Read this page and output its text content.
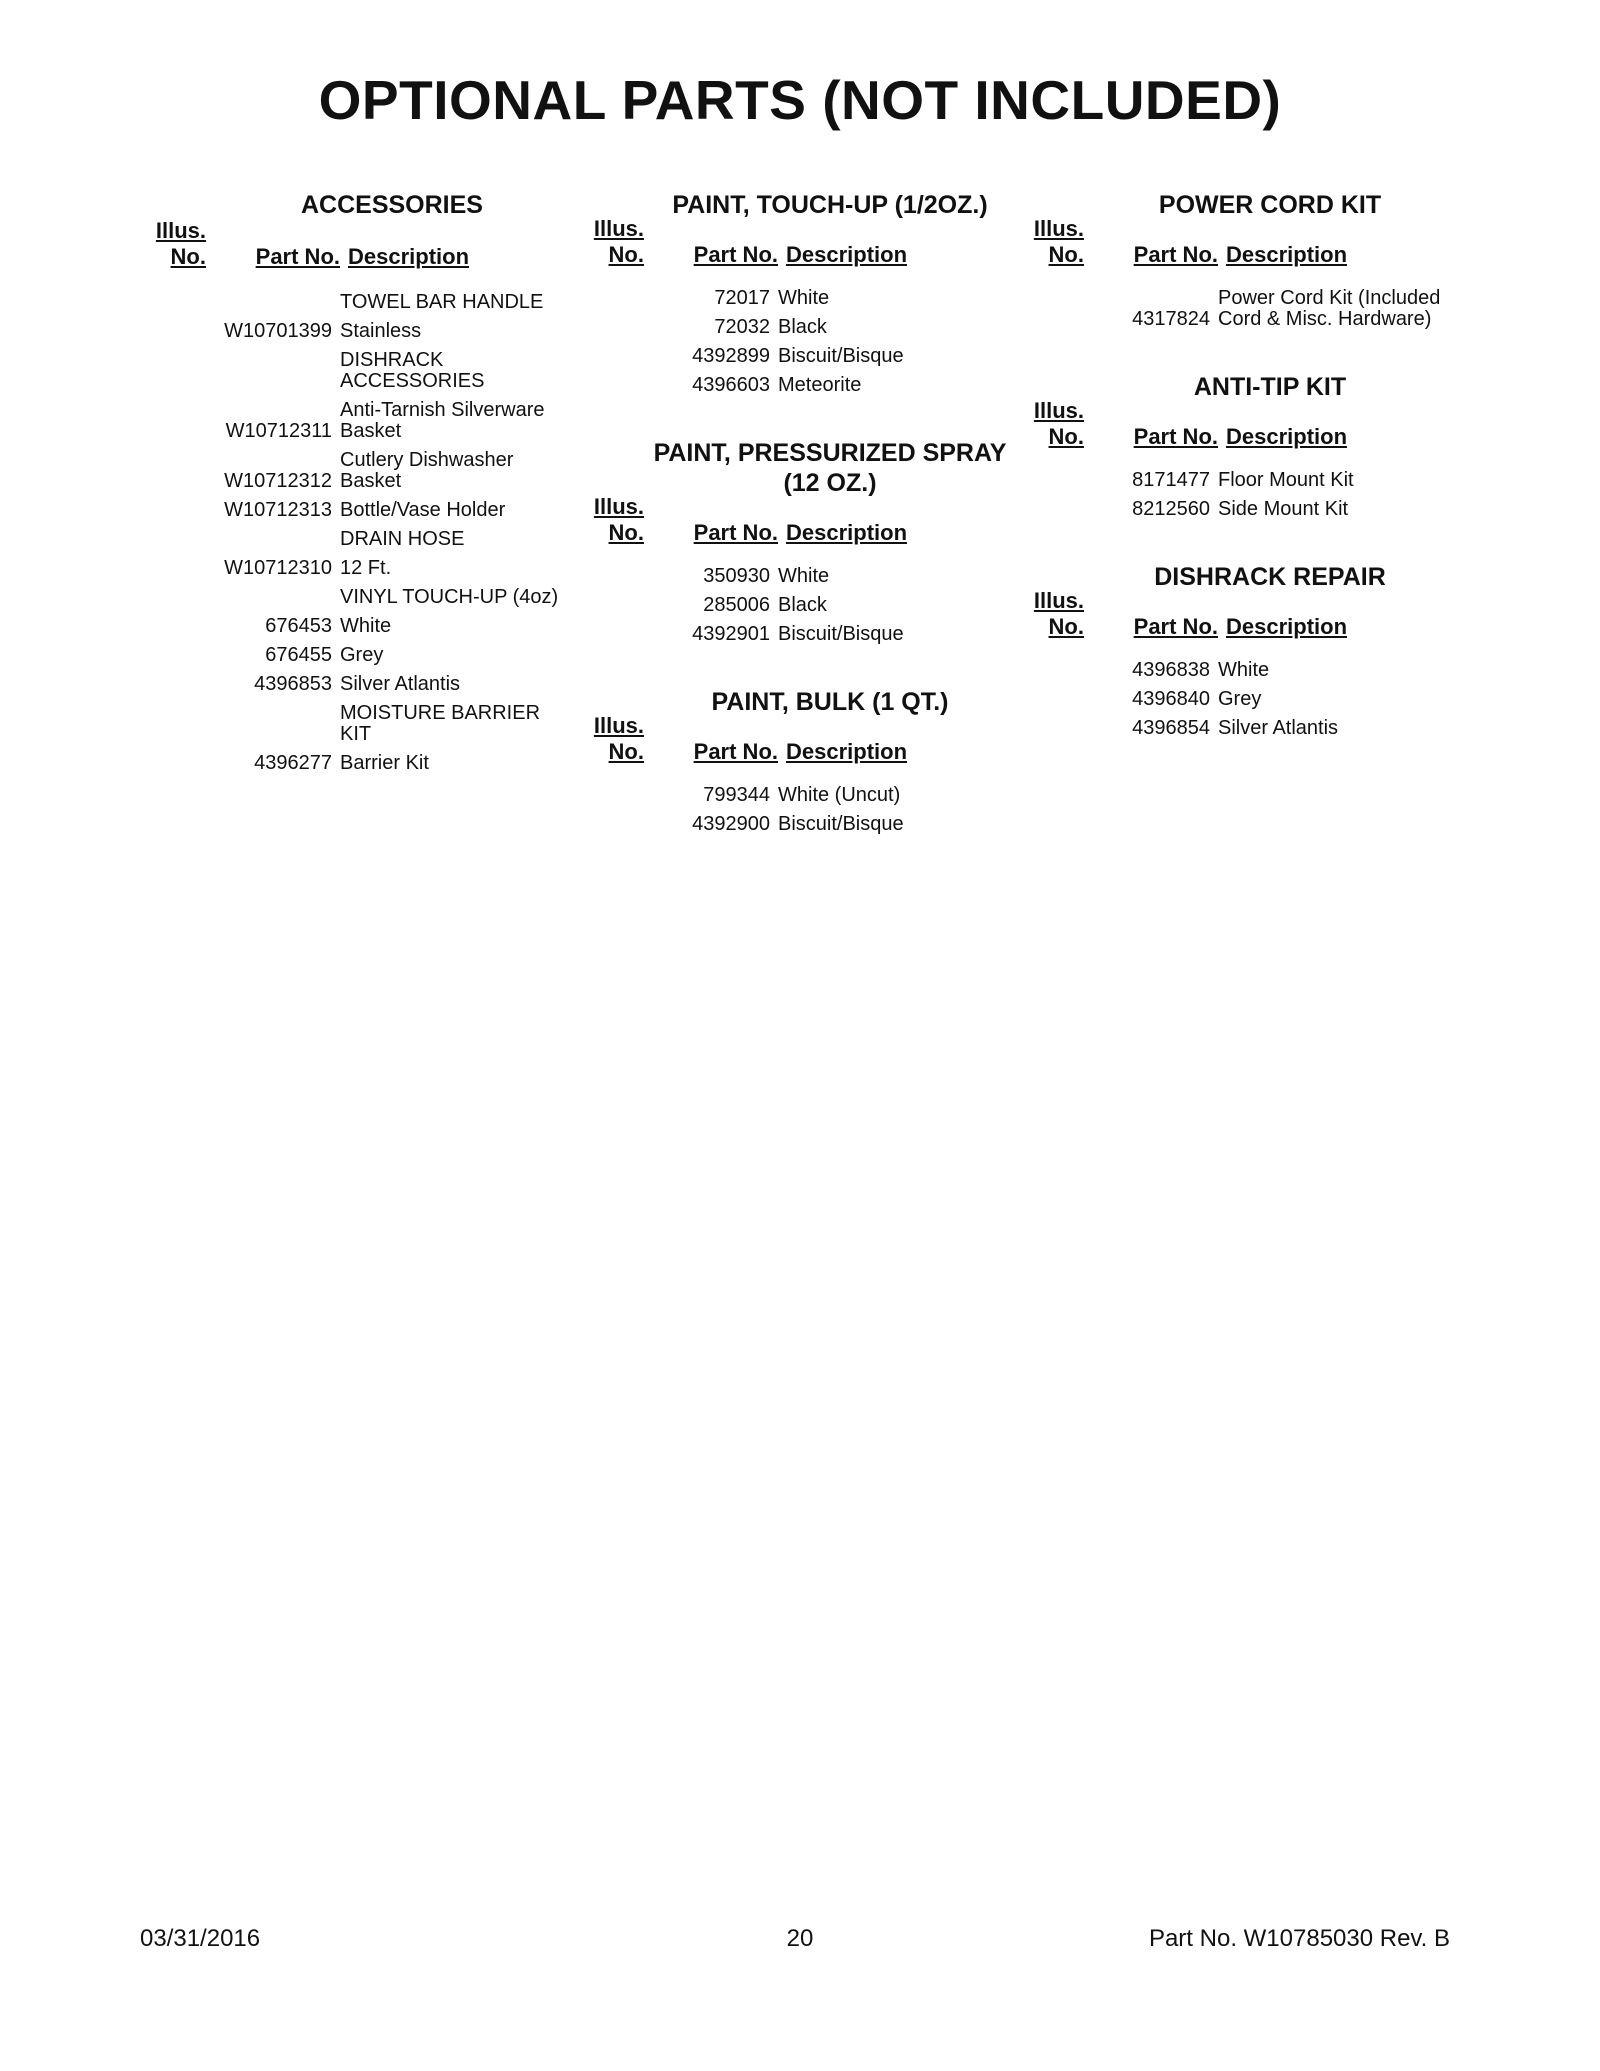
OPTIONAL PARTS (NOT INCLUDED)
ACCESSORIES
Illus.
No. Part No. Description
TOWEL BAR HANDLE
W10701399 Stainless
DISHRACK ACCESSORIES
W10712311
Anti-Tarnish Silverware Basket
W10712312
Cutlery Dishwasher Basket
W10712313 Bottle/Vase Holder
DRAIN HOSE
W10712310 12 Ft.
VINYL TOUCH-UP (4oz)
676453 White
676455 Grey
4396853 Silver Atlantis
MOISTURE BARRIER KIT
4396277 Barrier Kit
PAINT, TOUCH-UP (1/2OZ.)
Illus.
No. Part No. Description
72017 White
72032 Black
4392899 Biscuit/Bisque
4396603 Meteorite
PAINT, PRESSURIZED SPRAY (12 OZ.)
Illus.
No. Part No. Description
350930 White
285006 Black
4392901 Biscuit/Bisque
PAINT, BULK (1 QT.)
Illus.
No. Part No. Description
799344 White (Uncut)
4392900 Biscuit/Bisque
POWER CORD KIT
Illus.
No. Part No. Description
4317824
Power Cord Kit (Included Cord & Misc. Hardware)
ANTI-TIP KIT
Illus.
No. Part No. Description
8171477 Floor Mount Kit
8212560 Side Mount Kit
DISHRACK REPAIR
Illus.
No. Part No. Description
4396838 White
4396840 Grey
4396854 Silver Atlantis
03/31/2016	20	Part No. W10785030 Rev. B
